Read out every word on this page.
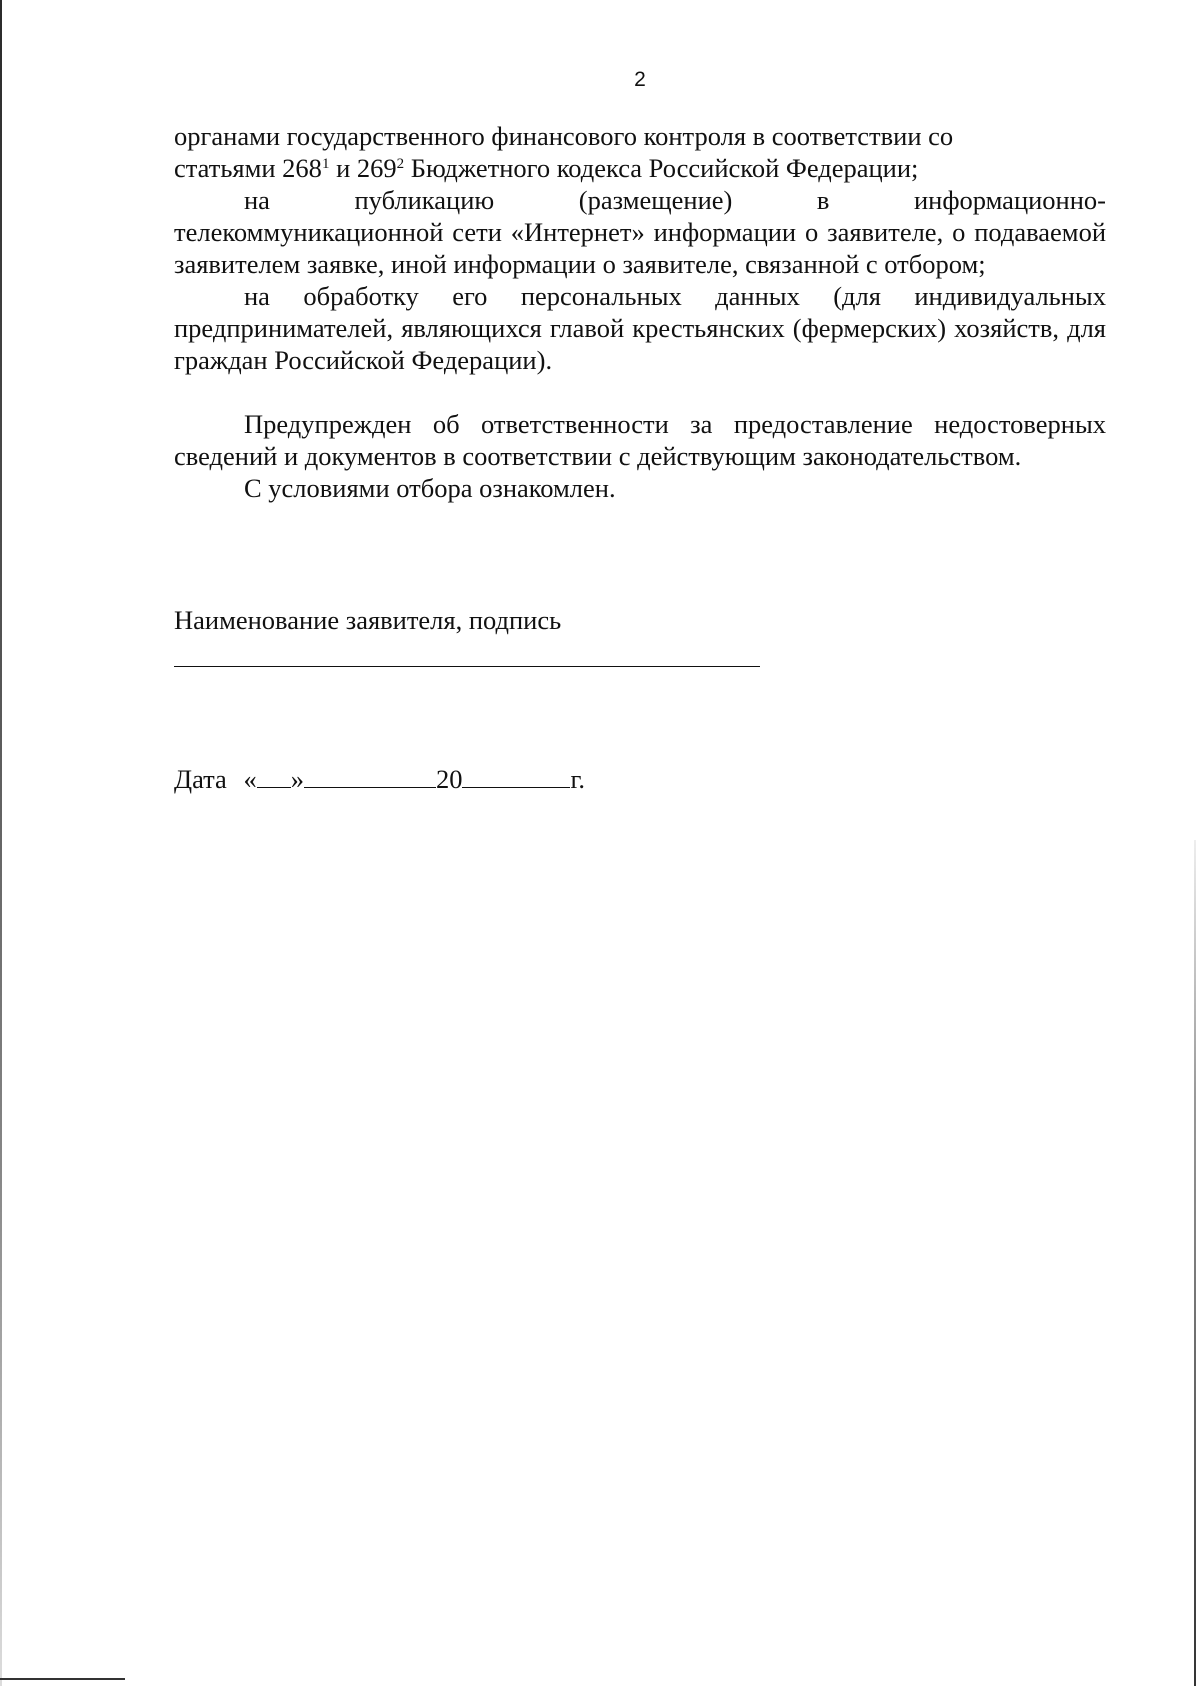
2

органами государственного финансового контроля в соответствии со
статьями $268^1$ и $269^2$ Бюджетного кодекса Российской Федерации;

на публикацию (размещение) в информационно-

телекоммуникационной сети «Интернет» информации о заявителе, о подаваемой заявителем заявке, иной информации о заявителе, связанной с отбором;

на обработку его персональных данных (для индивидуальных предпринимателей, являющихся главой крестьянских (фермерских) хозяйств, для граждан Российской Федерации).

Предупрежден об ответственности за предоставление недостоверных сведений и документов в соответствии с действующим законодательством.

С условиями отбора ознакомлен.

Наименование заявителя, подпись
Дата « »	20	г.
